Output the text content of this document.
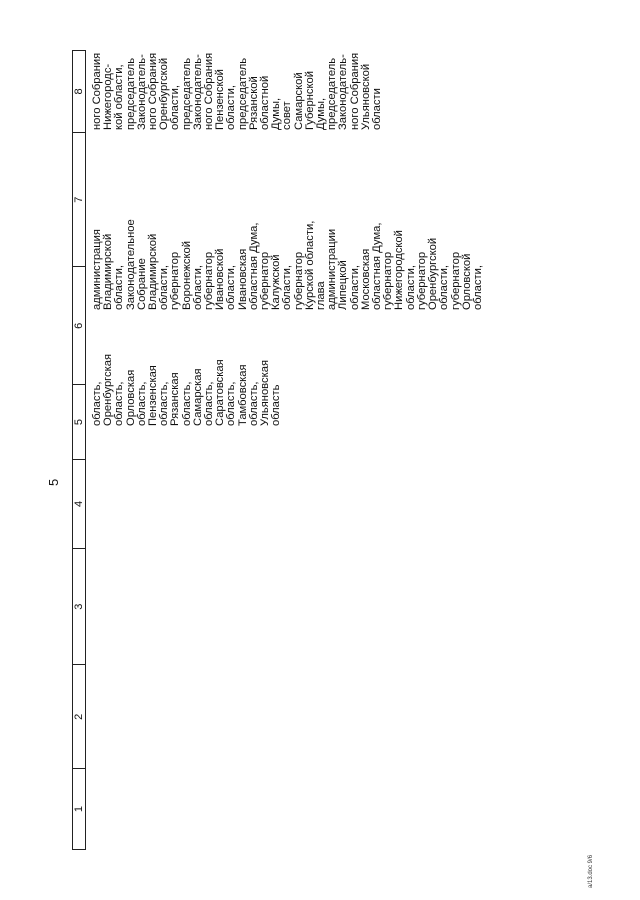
5
1
2
3
4
5
6
7
8
область, Оренбургская область, Орловская область, Пензенская область, Рязанская область, Самарская область, Саратовская область, Тамбовская область, Ульяновская область
администрация Владимирской области, Законодательное Собрание Владимирской области, губернатор Воронежской области, губернатор Ивановской области, Ивановская областная Дума, губернатор Калужской области, губернатор Курской области, глава администрации Липецкой области, Московская областная Дума, губернатор Нижегородской области, губернатор Оренбургской области, губернатор Орловской области,
ного Собрания Нижегородс- кой области, председатель Законодатель- ного Собрания Оренбургской области, председатель Законодатель- ного Собрания Пензенской области, председатель Рязанской областной Думы, совет Самарской Губернской Думы, председатель Законодатель- ного Собрания Ульяновской области
a/13.doc 9/6
